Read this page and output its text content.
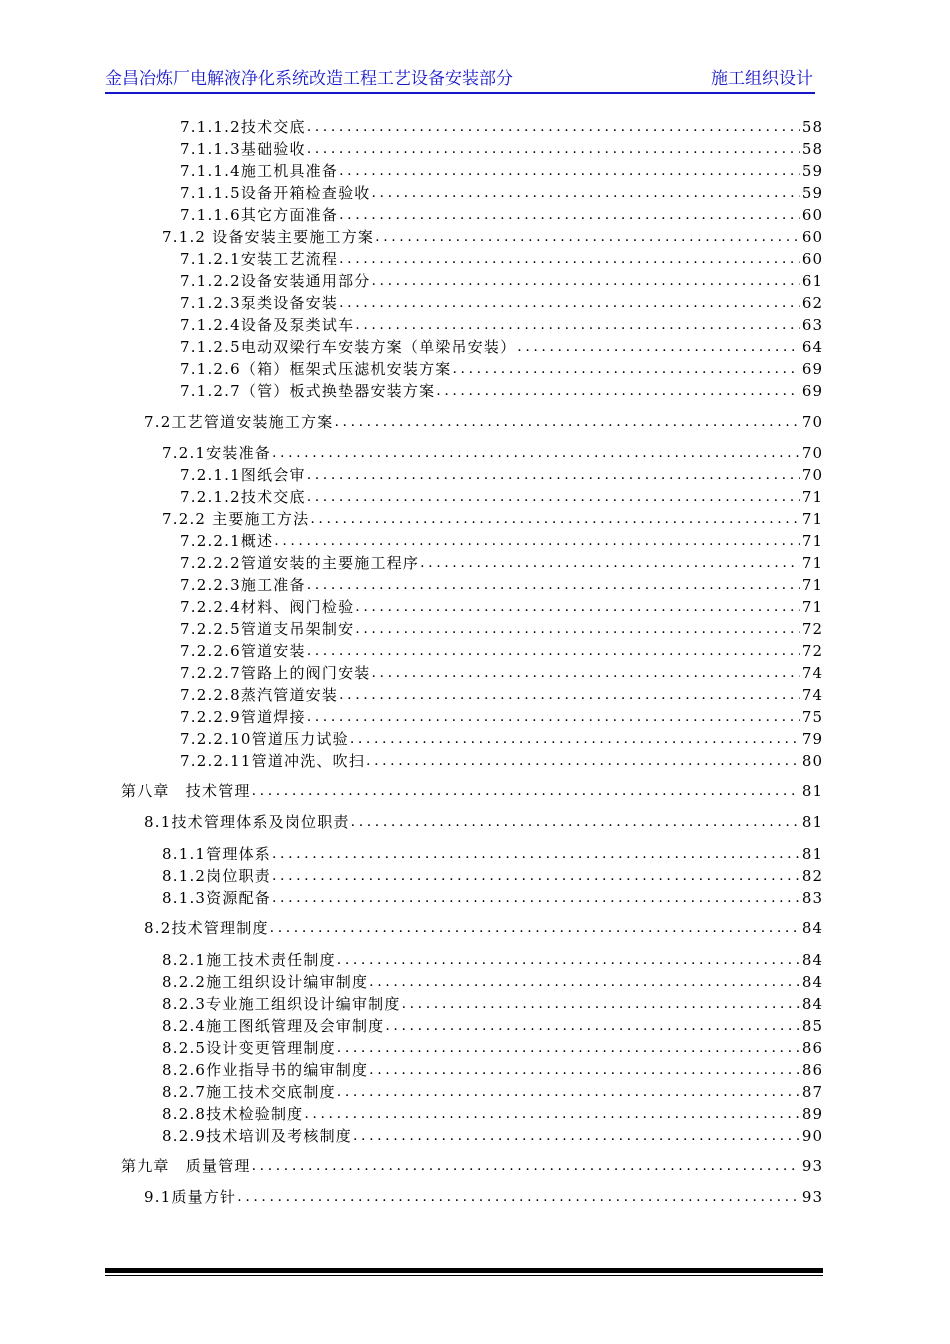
金昌冶炼厂电解液净化系统改造工程工艺设备安装部分	施工组织设计
7.1.1.2技术交底 .....	58
7.1.1.3基础验收 .....	58
7.1.1.4施工机具准备 .....	59
7.1.1.5设备开箱检查验收 .....	59
7.1.1.6其它方面准备 .....	60
7.1.2 设备安装主要施工方案 .....	60
7.1.2.1安装工艺流程 .....	60
7.1.2.2设备安装通用部分 .....	61
7.1.2.3泵类设备安装 .....	62
7.1.2.4设备及泵类试车 .....	63
7.1.2.5电动双梁行车安装方案（单梁吊安装） .....	64
7.1.2.6（箱）框架式压滤机安装方案 .....	69
7.1.2.7（管）板式换垫器安装方案 .....	69
7.2工艺管道安装施工方案 .....	70
7.2.1安装准备 .....	70
7.2.1.1图纸会审 .....	70
7.2.1.2技术交底 .....	71
7.2.2 主要施工方法 .....	71
7.2.2.1概述 .....	71
7.2.2.2管道安装的主要施工程序 .....	71
7.2.2.3施工准备 .....	71
7.2.2.4材料、阀门检验 .....	71
7.2.2.5管道支吊架制安 .....	72
7.2.2.6管道安装 .....	72
7.2.2.7管路上的阀门安装 .....	74
7.2.2.8蒸汽管道安装 .....	74
7.2.2.9管道焊接 .....	75
7.2.2.10管道压力试验 .....	79
7.2.2.11管道冲洗、吹扫 .....	80
第八章　技术管理 .....	81
8.1技术管理体系及岗位职责 .....	81
8.1.1管理体系 .....	81
8.1.2岗位职责 .....	82
8.1.3资源配备 .....	83
8.2技术管理制度 .....	84
8.2.1施工技术责任制度 .....	84
8.2.2施工组织设计编审制度 .....	84
8.2.3专业施工组织设计编审制度 .....	84
8.2.4施工图纸管理及会审制度 .....	85
8.2.5设计变更管理制度 .....	86
8.2.6作业指导书的编审制度 .....	86
8.2.7施工技术交底制度 .....	87
8.2.8技术检验制度 .....	89
8.2.9技术培训及考核制度 .....	90
第九章　质量管理 .....	93
9.1质量方针 .....	93
